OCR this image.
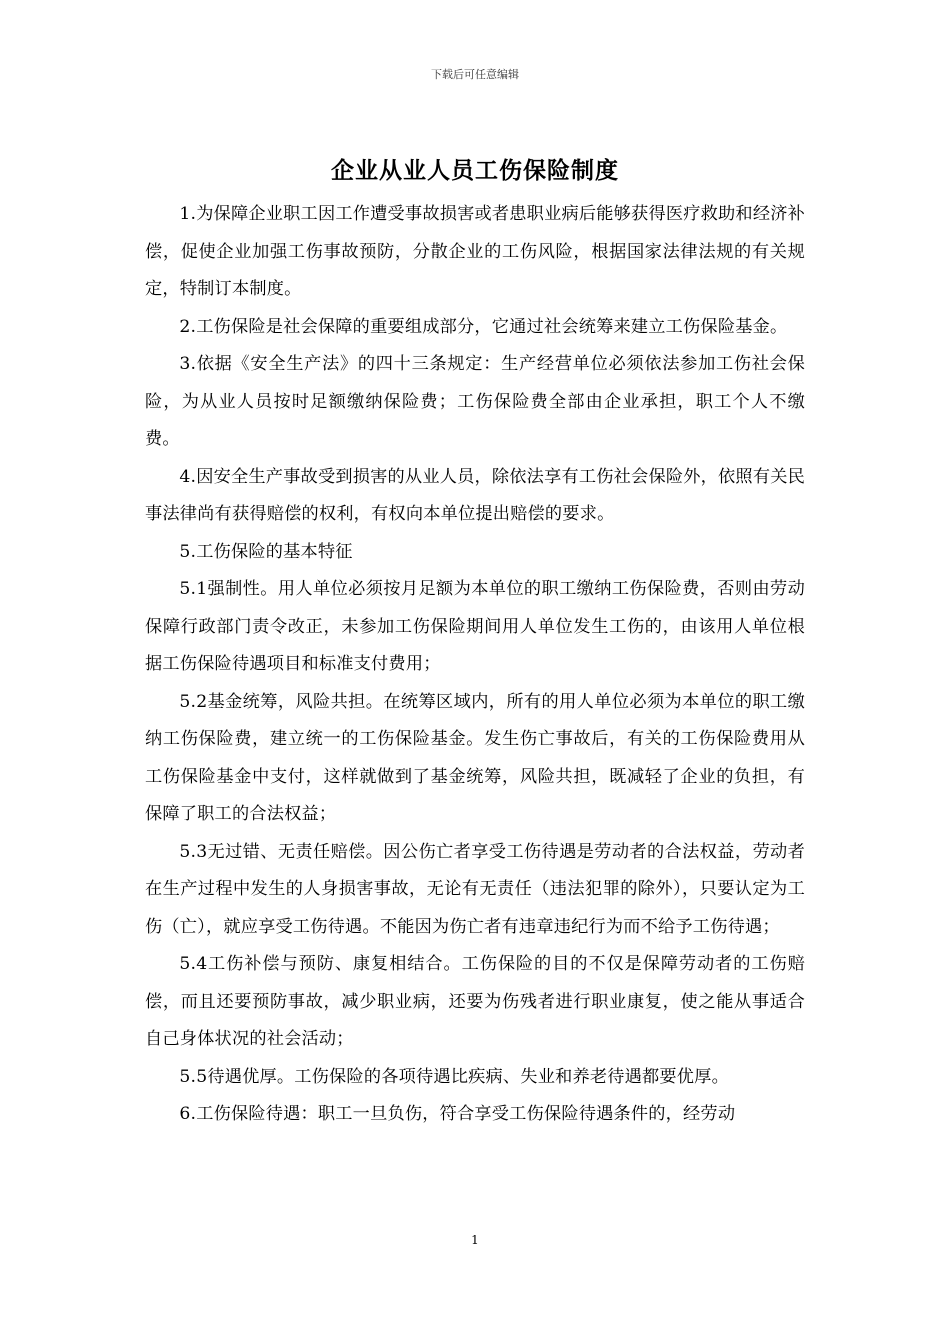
下载后可任意编辑
企业从业人员工伤保险制度

1.为保障企业职工因工作遭受事故损害或者患职业病后能够获得医疗救助和经济补偿，促使企业加强工伤事故预防，分散企业的工伤风险，根据国家法律法规的有关规定，特制订本制度。

2.工伤保险是社会保障的重要组成部分，它通过社会统筹来建立工伤保险基金。

3.依据《安全生产法》的四十三条规定：生产经营单位必须依法参加工伤社会保险，为从业人员按时足额缴纳保险费；工伤保险费全部由企业承担，职工个人不缴费。

4.因安全生产事故受到损害的从业人员，除依法享有工伤社会保险外，依照有关民事法律尚有获得赔偿的权利，有权向本单位提出赔偿的要求。

5.工伤保险的基本特征

5.1强制性。用人单位必须按月足额为本单位的职工缴纳工伤保险费，否则由劳动保障行政部门责令改正，未参加工伤保险期间用人单位发生工伤的，由该用人单位根据工伤保险待遇项目和标准支付费用；

5.2基金统筹，风险共担。在统筹区域内，所有的用人单位必须为本单位的职工缴纳工伤保险费，建立统一的工伤保险基金。发生伤亡事故后，有关的工伤保险费用从工伤保险基金中支付，这样就做到了基金统筹，风险共担，既减轻了企业的负担，有保障了职工的合法权益；

5.3无过错、无责任赔偿。因公伤亡者享受工伤待遇是劳动者的合法权益，劳动者在生产过程中发生的人身损害事故，无论有无责任（违法犯罪的除外），只要认定为工伤（亡），就应享受工伤待遇。不能因为伤亡者有违章违纪行为而不给予工伤待遇；

5.4工伤补偿与预防、康复相结合。工伤保险的目的不仅是保障劳动者的工伤赔偿，而且还要预防事故，减少职业病，还要为伤残者进行职业康复，使之能从事适合自己身体状况的社会活动；

5.5待遇优厚。工伤保险的各项待遇比疾病、失业和养老待遇都要优厚。

6.工伤保险待遇：职工一旦负伤，符合享受工伤保险待遇条件的，经劳动

1
